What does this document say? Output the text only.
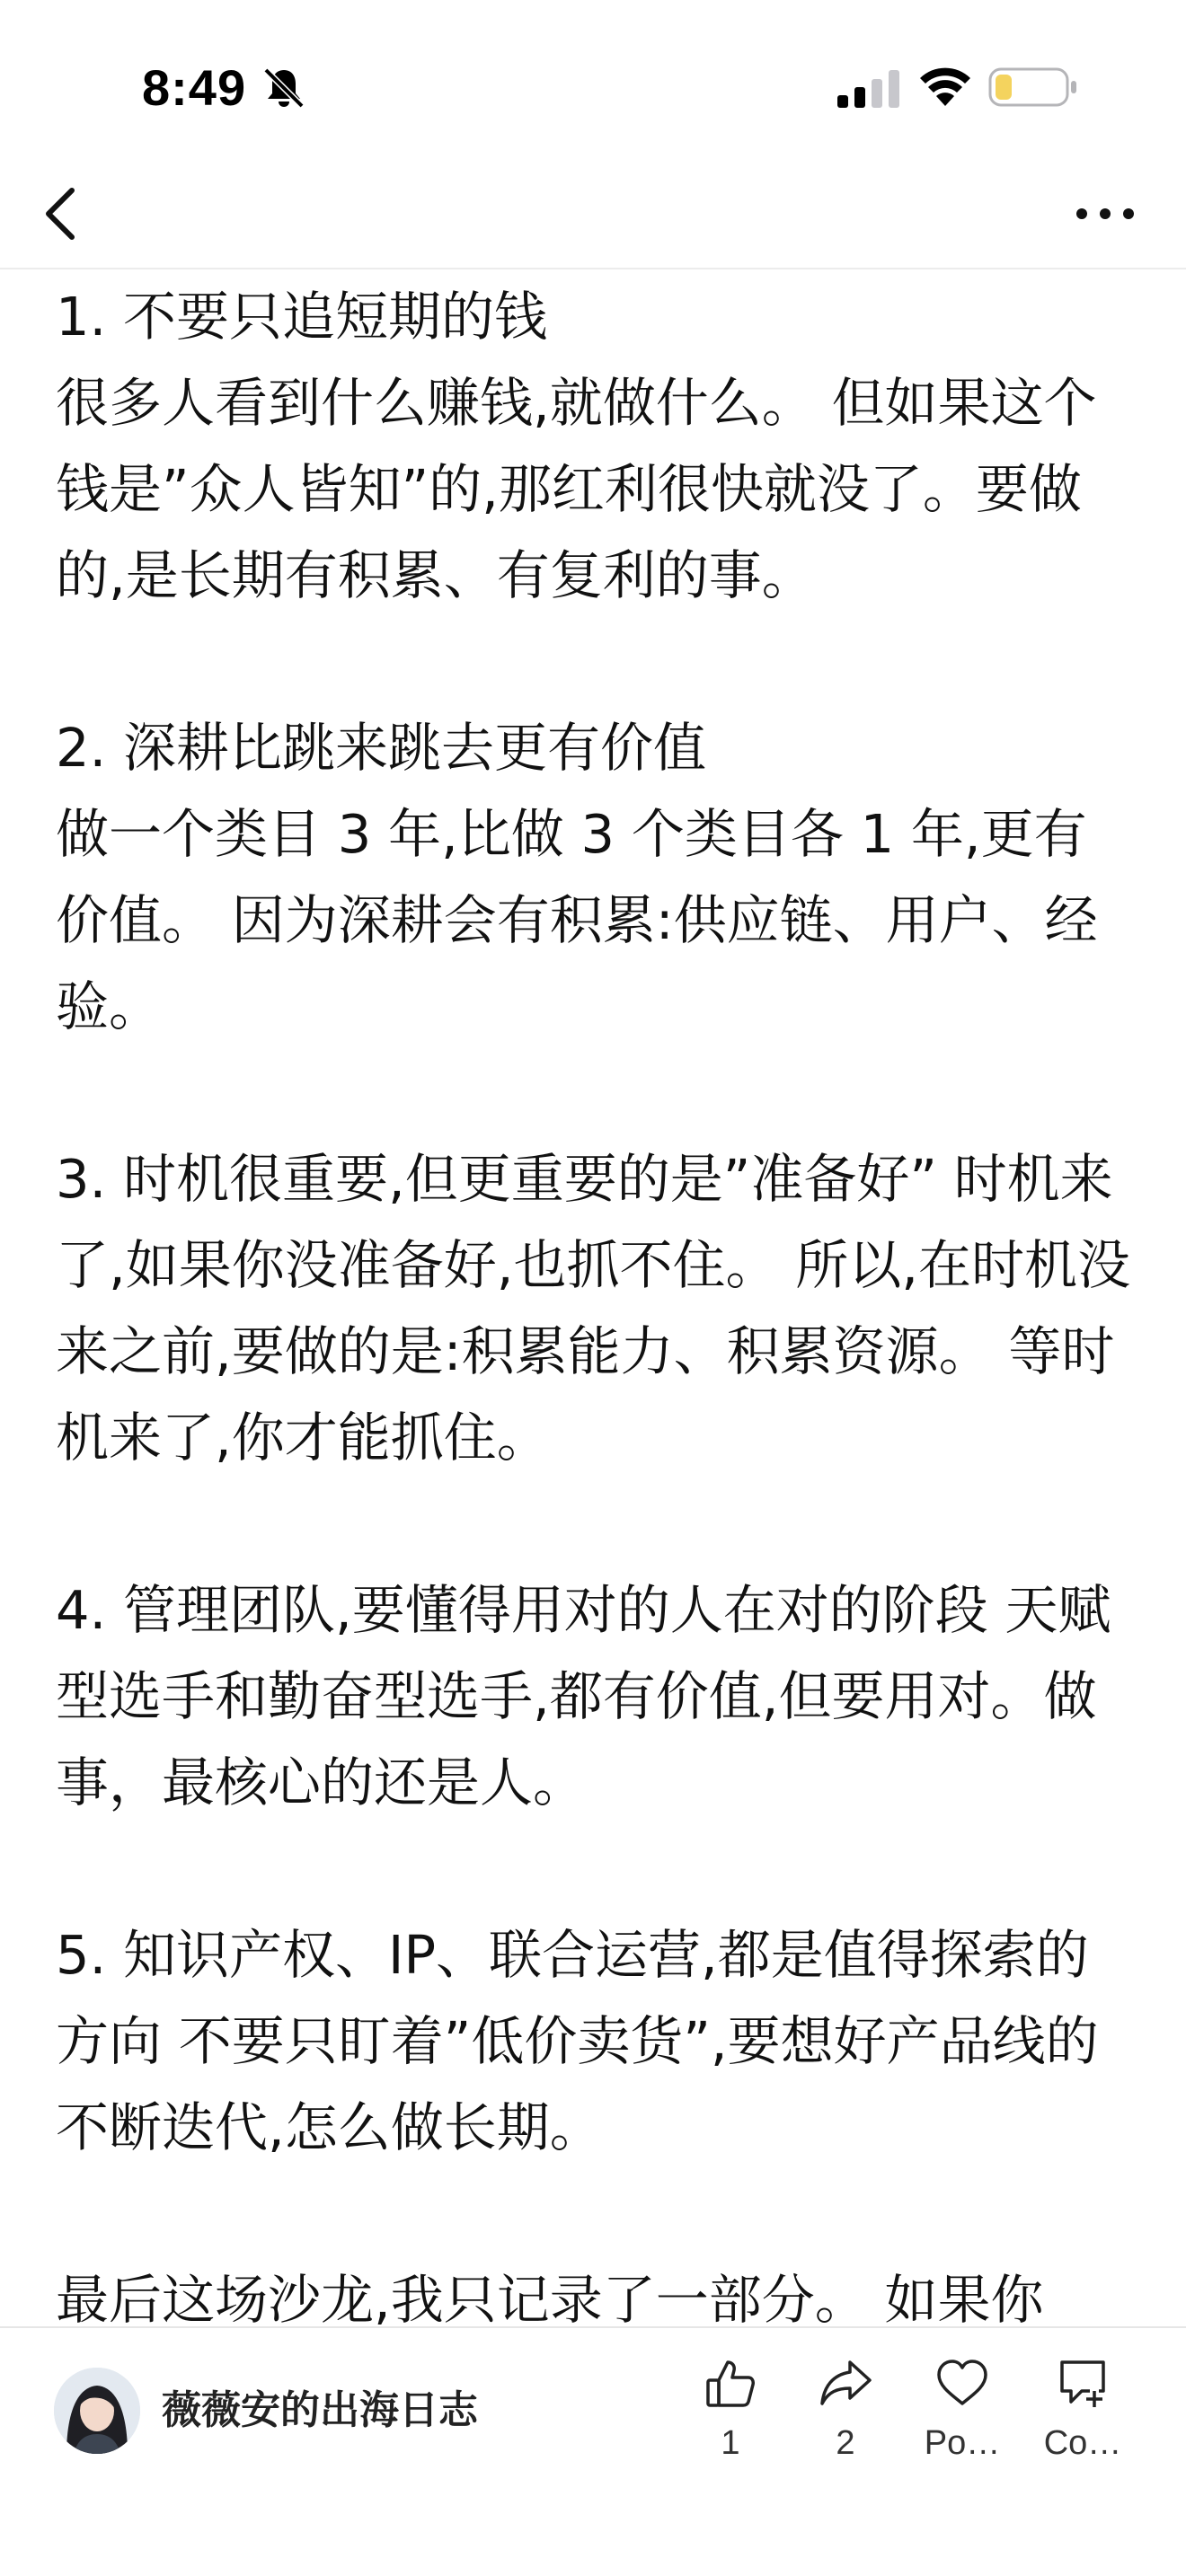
8:49

1. 不要只追短期的钱
很多人看到什么赚钱,就做什么。 但如果这个钱是”众人皆知”的,那红利很快就没了。要做的,是长期有积累、有复利的事。

2. 深耕比跳来跳去更有价值
做一个类目 3 年,比做 3 个类目各 1 年,更有价值。 因为深耕会有积累:供应链、用户、经验。

3. 时机很重要,但更重要的是”准备好” 时机来了,如果你没准备好,也抓不住。 所以,在时机没来之前,要做的是:积累能力、积累资源。 等时机来了,你才能抓住。

4. 管理团队,要懂得用对的人在对的阶段 天赋型选手和勤奋型选手,都有价值,但要用对。做事，最核心的还是人。

5. 知识产权、IP、联合运营,都是值得探索的方向 不要只盯着”低价卖货”,要想好产品线的不断迭代,怎么做长期。

最后这场沙龙,我只记录了一部分。 如果你

薇薇安的出海日志
1	2	Po…	Co…
